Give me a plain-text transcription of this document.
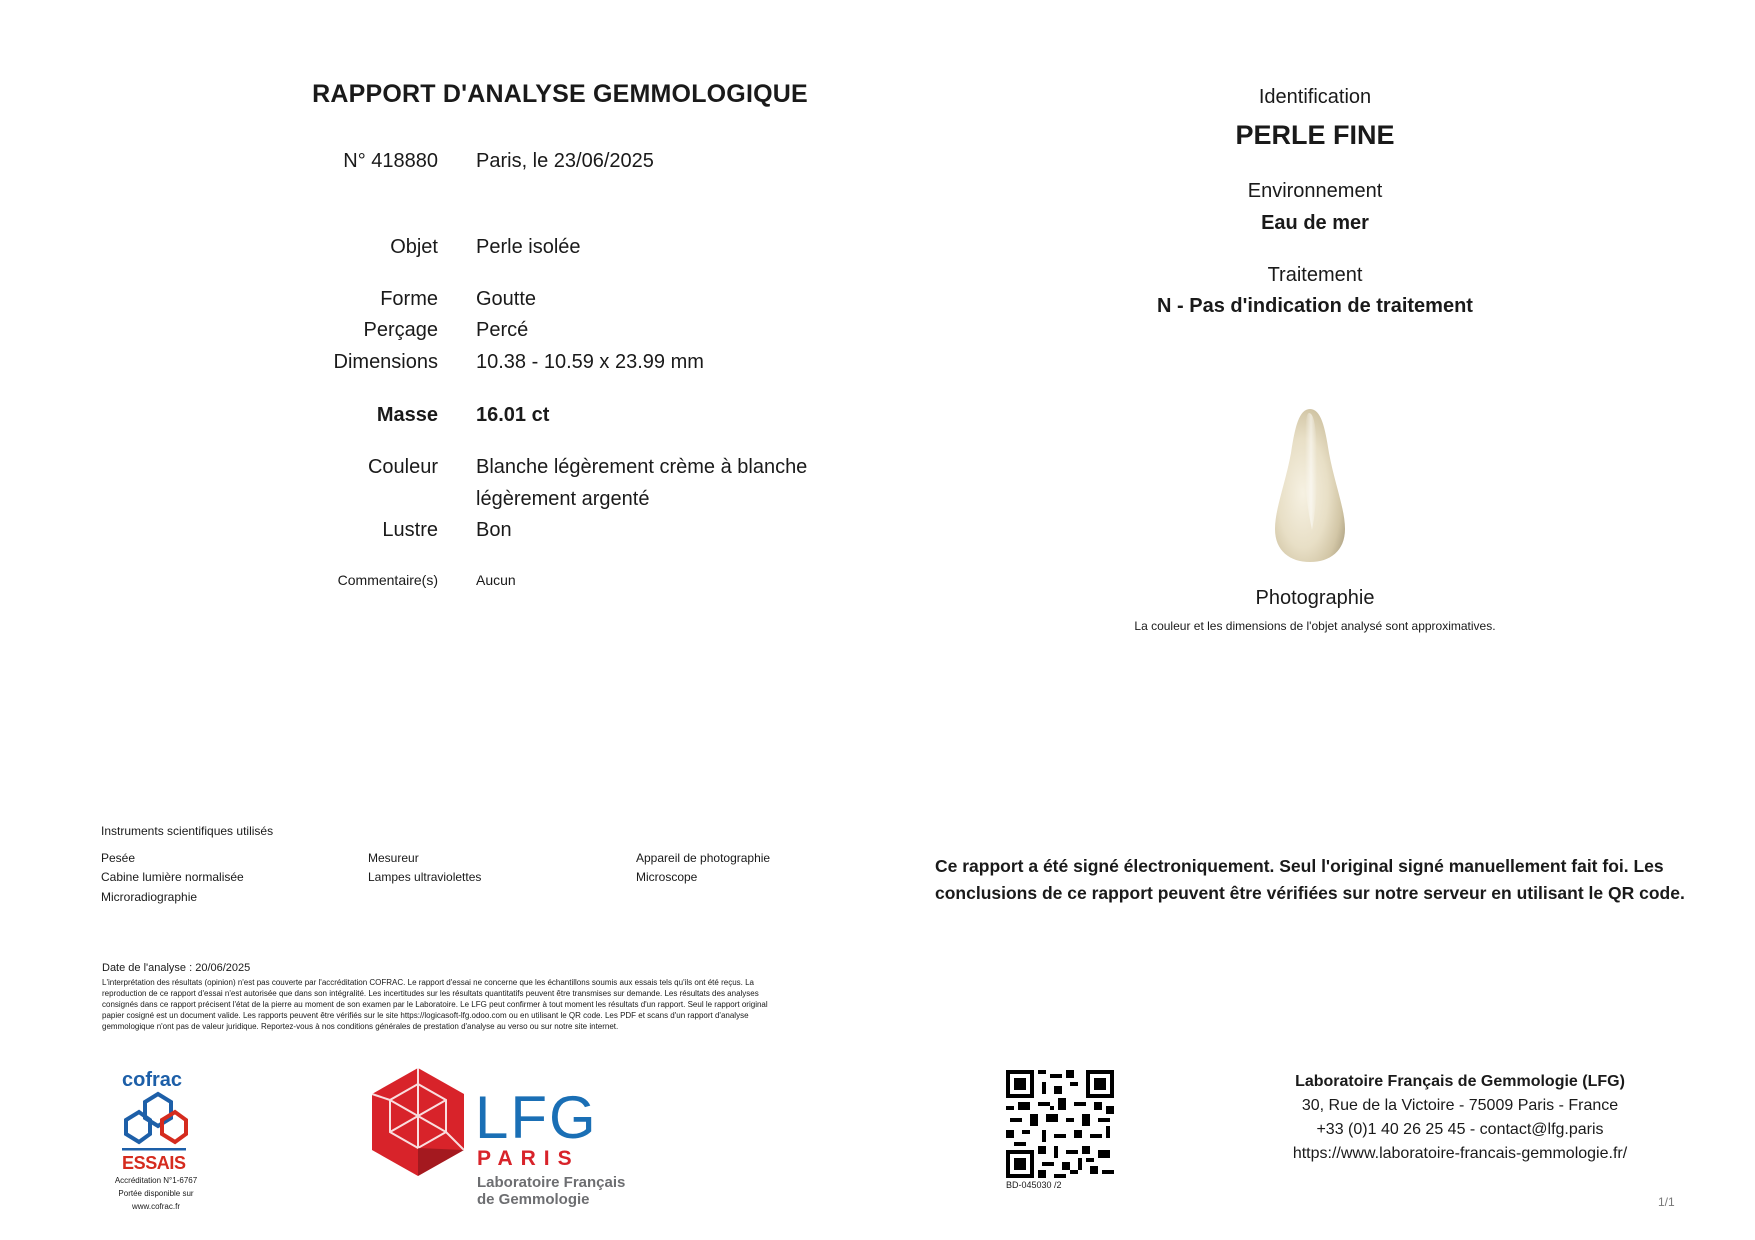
RAPPORT D'ANALYSE GEMMOLOGIQUE
N° 418880 Paris, le 23/06/2025
Objet Perle isolée
Forme Goutte
Perçage Percé
Dimensions 10.38 - 10.59 x 23.99 mm
Masse 16.01 ct
Couleur Blanche légèrement crème à blanche
légèrement argenté
Lustre Bon
Commentaire(s)	Aucun
Identification
PERLE FINE
Environnement
Eau de mer
Traitement
N - Pas d'indication de traitement
Photographie
La couleur et les dimensions de l'objet analysé sont approximatives.
Instruments scientifiques utilisés
Pesée
Cabine lumière normalisée
Microradiographie
Mesureur
Lampes ultraviolettes
Appareil de photographie
Microscope
Ce rapport a été signé électroniquement. Seul l'original signé manuellement fait foi. Les
conclusions de ce rapport peuvent être vérifiées sur notre serveur en utilisant le QR code.
Date de l'analyse : 20/06/2025
L'interprétation des résultats (opinion) n'est pas couverte par l'accréditation COFRAC. Le rapport d'essai ne concerne que les échantillons soumis aux essais tels qu'ils ont été reçus. La
reproduction de ce rapport d'essai n'est autorisée que dans son intégralité. Les incertitudes sur les résultats quantitatifs peuvent être transmises sur demande. Les résultats des analyses
consignés dans ce rapport précisent l'état de la pierre au moment de son examen par le Laboratoire. Le LFG peut confirmer à tout moment les résultats d'un rapport. Seul le rapport original
papier cosigné est un document valide. Les rapports peuvent être vérifiés sur le site https://logicasoft-lfg.odoo.com ou en utilisant le QR code. Les PDF et scans d'un rapport d'analyse
gemmologique n'ont pas de valeur juridique. Reportez-vous à nos conditions générales de prestation d'analyse au verso ou sur notre site internet.
cofrac
ESSAIS
Accréditation N°1-6767
Portée disponible sur
www.cofrac.fr
LFG
PARIS
Laboratoire Français
de Gemmologie
BD-045030 /2
Laboratoire Français de Gemmologie (LFG)
30, Rue de la Victoire - 75009 Paris - France
+33 (0)1 40 26 25 45 - contact@lfg.paris
https://www.laboratoire-francais-gemmologie.fr/
1/1
